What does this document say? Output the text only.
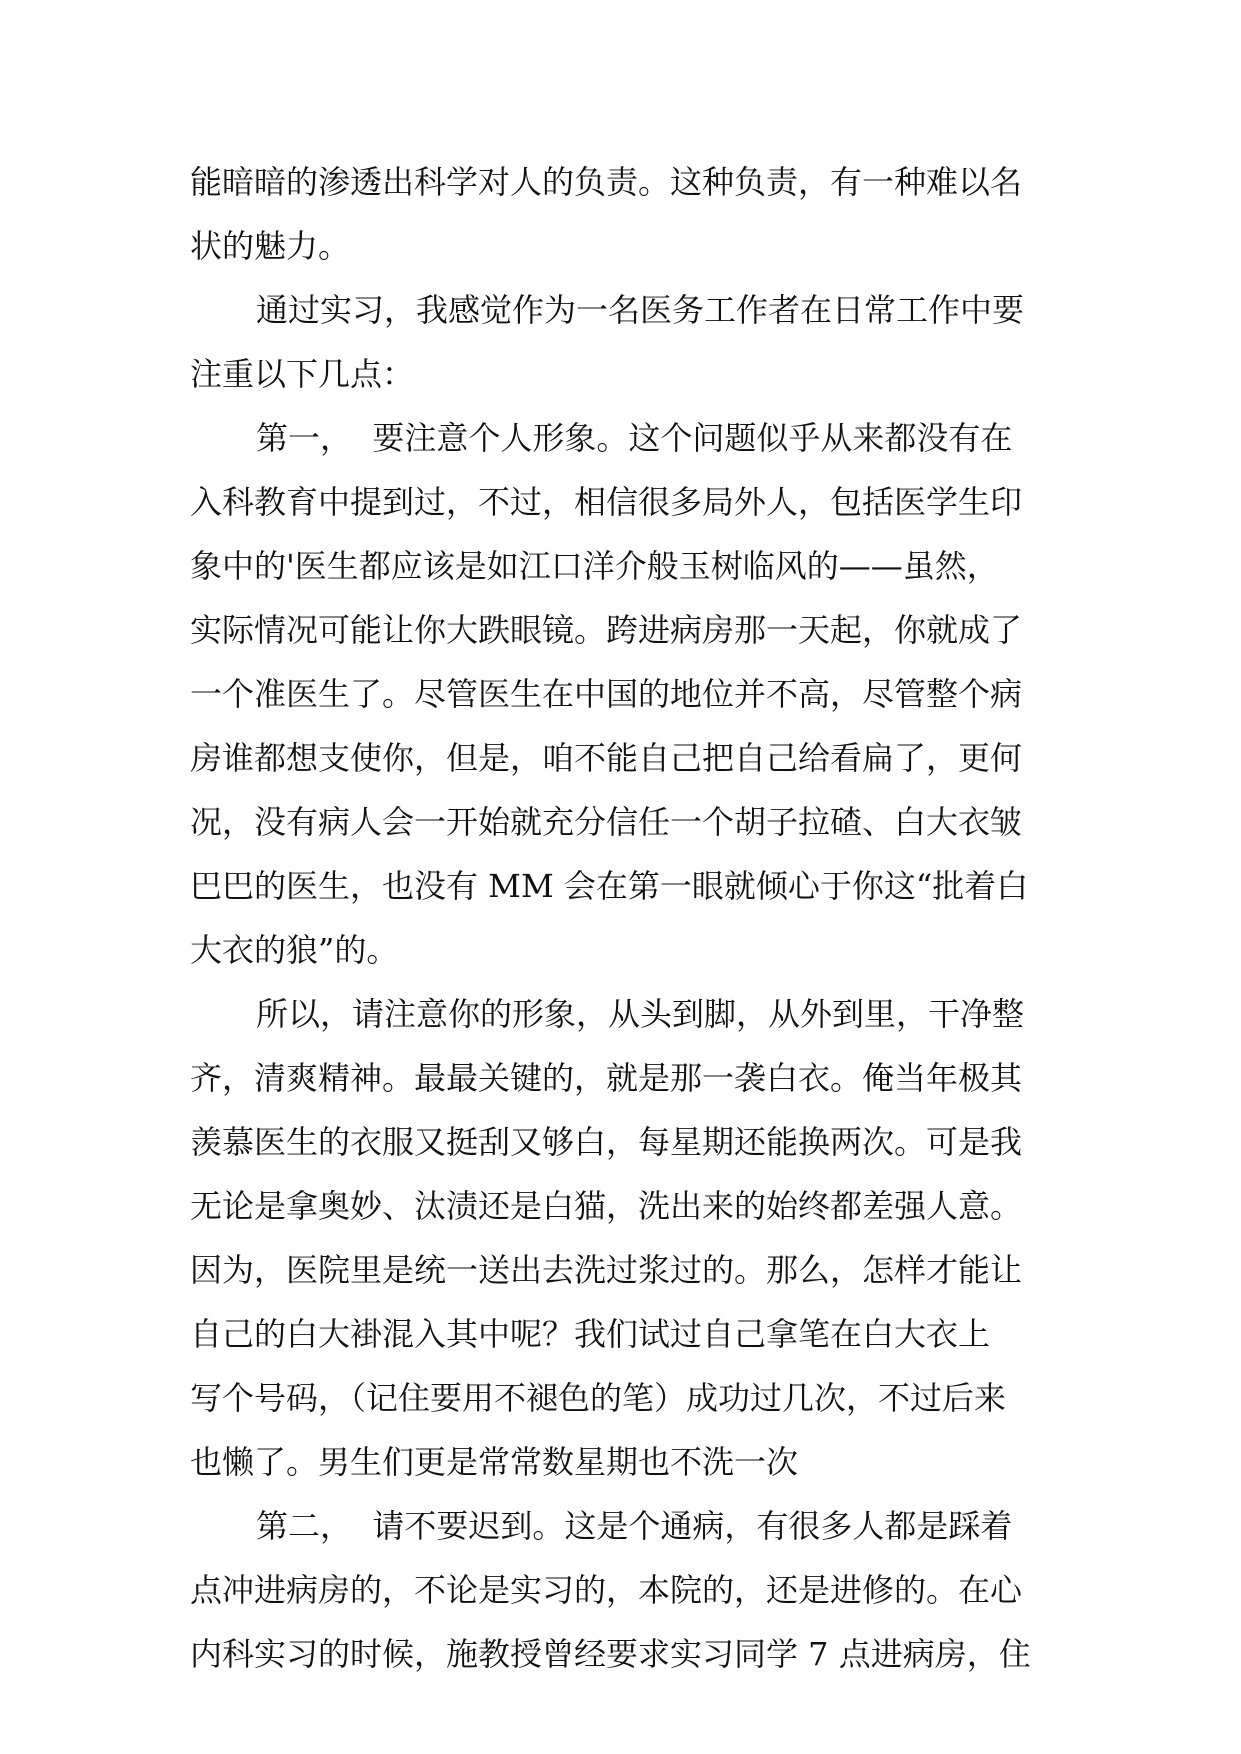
能暗暗的渗透出科学对人的负责。这种负责，有一种难以名
状的魅力。
通过实习，我感觉作为一名医务工作者在日常工作中要
注重以下几点：
第一，  要注意个人形象。这个问题似乎从来都没有在
入科教育中提到过，不过，相信很多局外人，包括医学生印
象中的'医生都应该是如江口洋介般玉树临风的——虽然，
实际情况可能让你大跌眼镜。跨进病房那一天起，你就成了
一个准医生了。尽管医生在中国的地位并不高，尽管整个病
房谁都想支使你，但是，咱不能自己把自己给看扁了，更何
况，没有病人会一开始就充分信任一个胡子拉碴、白大衣皱
巴巴的医生，也没有 MM 会在第一眼就倾心于你这“批着白
大衣的狼”的。
所以，请注意你的形象，从头到脚，从外到里，干净整
齐，清爽精神。最最关键的，就是那一袭白衣。俺当年极其
羡慕医生的衣服又挺刮又够白，每星期还能换两次。可是我
无论是拿奥妙、汰渍还是白猫，洗出来的始终都差强人意。
因为，医院里是统一送出去洗过浆过的。那么，怎样才能让
自己的白大褂混入其中呢？我们试过自己拿笔在白大衣上
写个号码，（记住要用不褪色的笔）成功过几次，不过后来
也懒了。男生们更是常常数星期也不洗一次
第二，  请不要迟到。这是个通病，有很多人都是踩着
点冲进病房的，不论是实习的，本院的，还是进修的。在心
内科实习的时候，施教授曾经要求实习同学 7 点进病房，住
